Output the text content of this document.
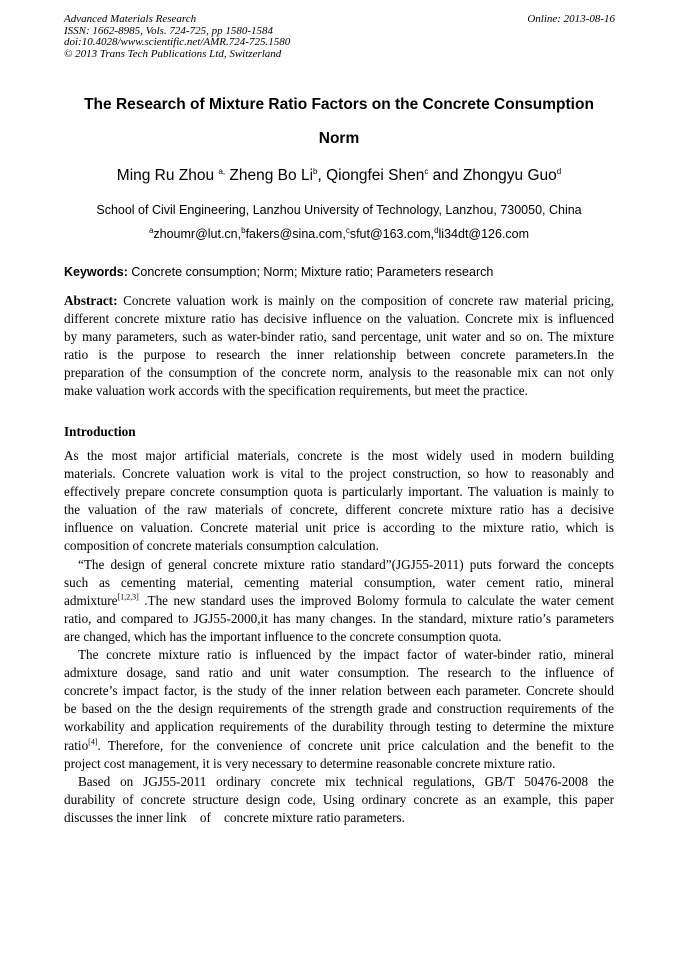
Advanced Materials Research
ISSN: 1662-8985, Vols. 724-725, pp 1580-1584
doi:10.4028/www.scientific.net/AMR.724-725.1580
© 2013 Trans Tech Publications Ltd, Switzerland
Online: 2013-08-16
The Research of Mixture Ratio Factors on the Concrete Consumption
Norm
Ming Ru Zhou $^{a,}$ Zheng Bo Li$^b$, Qiongfei Shen$^c$ and Zhongyu Guo$^d$
School of Civil Engineering, Lanzhou University of Technology, Lanzhou, 730050, China
$^a$zhoumr@lut.cn,$^b$fakers@sina.com,$^c$sfut@163.com,$^d$li34dt@126.com
Keywords: Concrete consumption; Norm; Mixture ratio; Parameters research
Abstract: Concrete valuation work is mainly on the composition of concrete raw material pricing,
different concrete mixture ratio has decisive influence on the valuation. Concrete mix is influenced
by many parameters, such as water-binder ratio, sand percentage, unit water and so on. The mixture
ratio is the purpose to research the inner relationship between concrete parameters.In the
preparation of the consumption of the concrete norm, analysis to the reasonable mix can not only
make valuation work accords with the specification requirements, but meet the practice.
Introduction
As the most major artificial materials, concrete is the most widely used in modern building
materials. Concrete valuation work is vital to the project construction, so how to reasonably and
effectively prepare concrete consumption quota is particularly important. The valuation is mainly to
the valuation of the raw materials of concrete, different concrete mixture ratio has a decisive
influence on valuation. Concrete material unit price is according to the mixture ratio, which is
composition of concrete materials consumption calculation.
“The design of general concrete mixture ratio standard”(JGJ55-2011) puts forward the concepts
such as cementing material, cementing material consumption, water cement ratio, mineral
admixture[1,2,3] .The new standard uses the improved Bolomy formula to calculate the water cement
ratio, and compared to JGJ55-2000,it has many changes. In the standard, mixture ratio’s parameters
are changed, which has the important influence to the concrete consumption quota.
The concrete mixture ratio is influenced by the impact factor of water-binder ratio, mineral
admixture dosage, sand ratio and unit water consumption. The research to the influence of
concrete’s impact factor, is the study of the inner relation between each parameter. Concrete should
be based on the the design requirements of the strength grade and construction requirements of the
workability and application requirements of the durability through testing to determine the mixture
ratio[4]. Therefore, for the convenience of concrete unit price calculation and the benefit to the
project cost management, it is very necessary to determine reasonable concrete mixture ratio.
Based on JGJ55-2011 ordinary concrete mix technical regulations, GB/T 50476-2008 the
durability of concrete structure design code, Using ordinary concrete as an example, this paper
discusses the inner link    of    concrete mixture ratio parameters.
